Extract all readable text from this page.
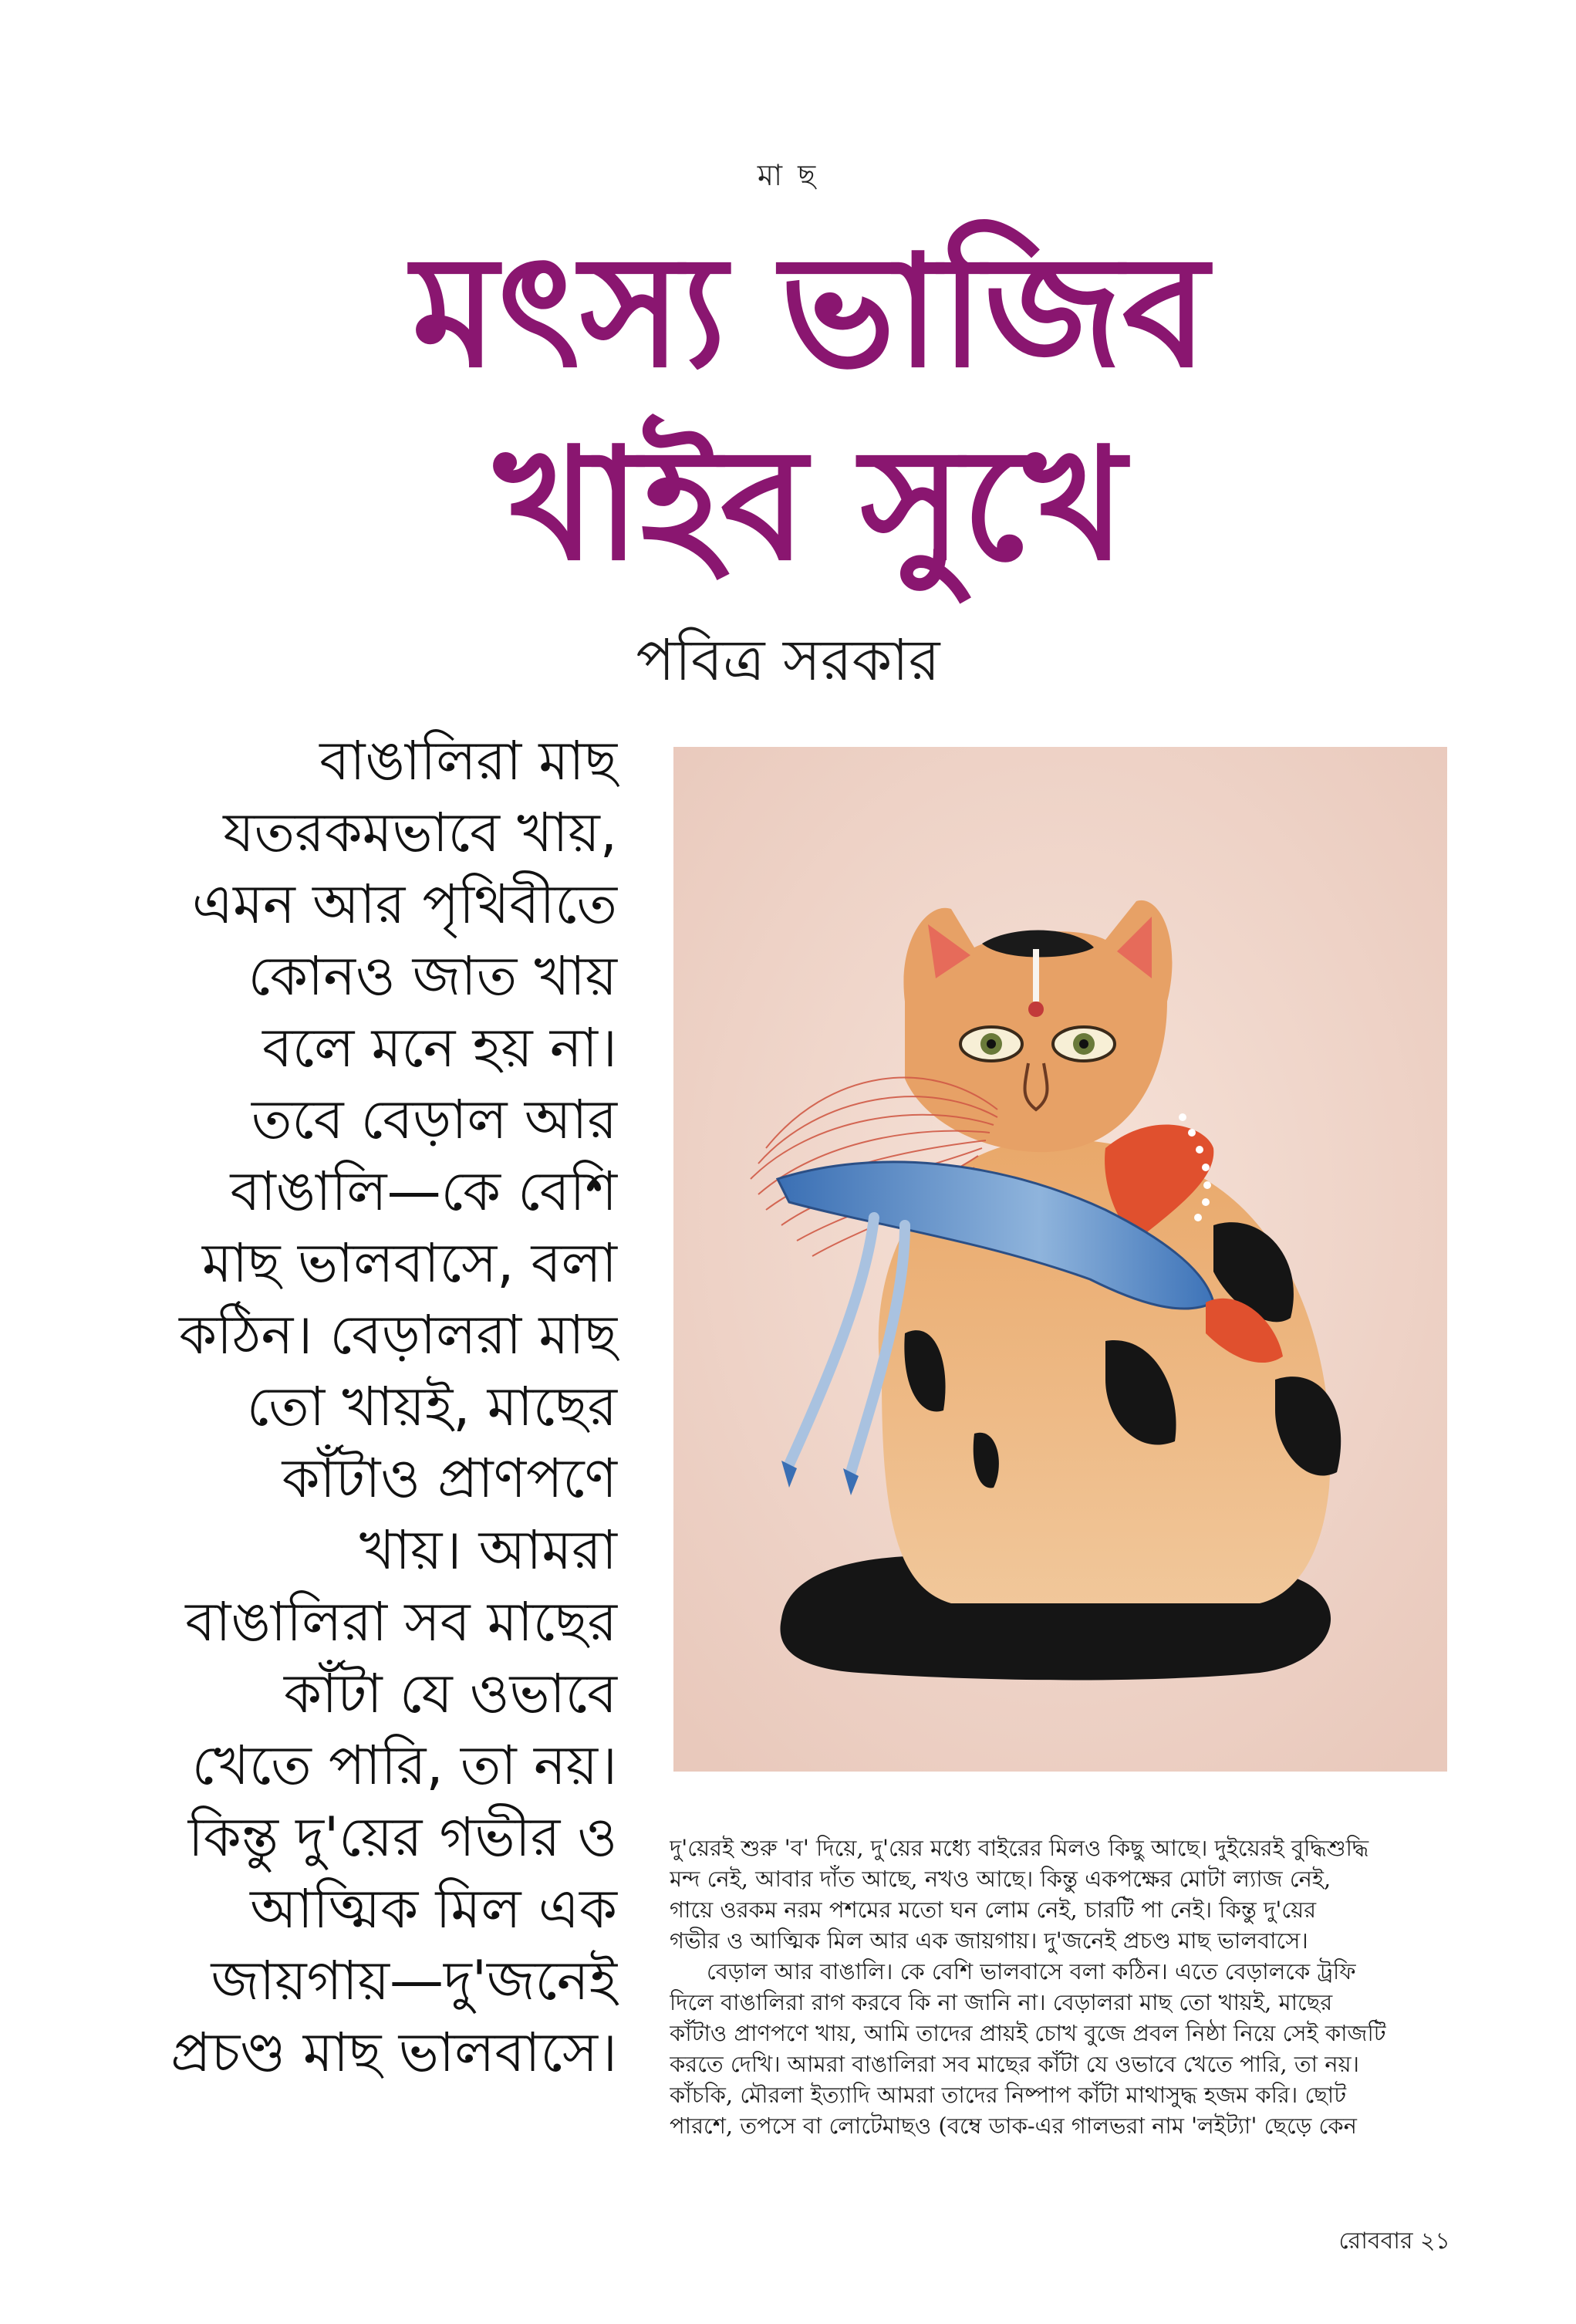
মা ছ
মৎস্য ভাজিব
খাইব সুখে
পবিত্র সরকার
বাঙালিরা মাছ
যতরকমভাবে খায়,
এমন আর পৃথিবীতে
কোনও জাত খায়
বলে মনে হয় না।
তবে বেড়াল আর
বাঙালি—কে বেশি
মাছ ভালবাসে, বলা
কঠিন। বেড়ালরা মাছ
তো খায়ই, মাছের
কাঁটাও প্রাণপণে
খায়। আমরা
বাঙালিরা সব মাছের
কাঁটা যে ওভাবে
খেতে পারি, তা নয়।
কিন্তু দু'য়ের গভীর ও
আত্মিক মিল এক
জায়গায়—দু'জনেই
প্রচণ্ড মাছ ভালবাসে।

দু'য়েরই শুরু 'ব' দিয়ে, দু'য়ের মধ্যে বাইরের মিলও কিছু আছে। দুইয়েরই বুদ্ধিশুদ্ধি
মন্দ নেই, আবার দাঁত আছে, নখও আছে। কিন্তু একপক্ষের মোটা ল্যাজ নেই,
গায়ে ওরকম নরম পশমের মতো ঘন লোম নেই, চারটি পা নেই। কিন্তু দু'য়ের
গভীর ও আত্মিক মিল আর এক জায়গায়। দু'জনেই প্রচণ্ড মাছ ভালবাসে।

বেড়াল আর বাঙালি। কে বেশি ভালবাসে বলা কঠিন। এতে বেড়ালকে ট্রফি
দিলে বাঙালিরা রাগ করবে কি না জানি না। বেড়ালরা মাছ তো খায়ই, মাছের
কাঁটাও প্রাণপণে খায়, আমি তাদের প্রায়ই চোখ বুজে প্রবল নিষ্ঠা নিয়ে সেই কাজটি
করতে দেখি। আমরা বাঙালিরা সব মাছের কাঁটা যে ওভাবে খেতে পারি, তা নয়।
কাঁচকি, মৌরলা ইত্যাদি আমরা তাদের নিষ্পাপ কাঁটা মাথাসুদ্ধ হজম করি। ছোট
পারশে, তপসে বা লোটেমাছও (বম্বে ডাক-এর গালভরা নাম 'লইট্যা' ছেড়ে কেন

রোববার ২১
